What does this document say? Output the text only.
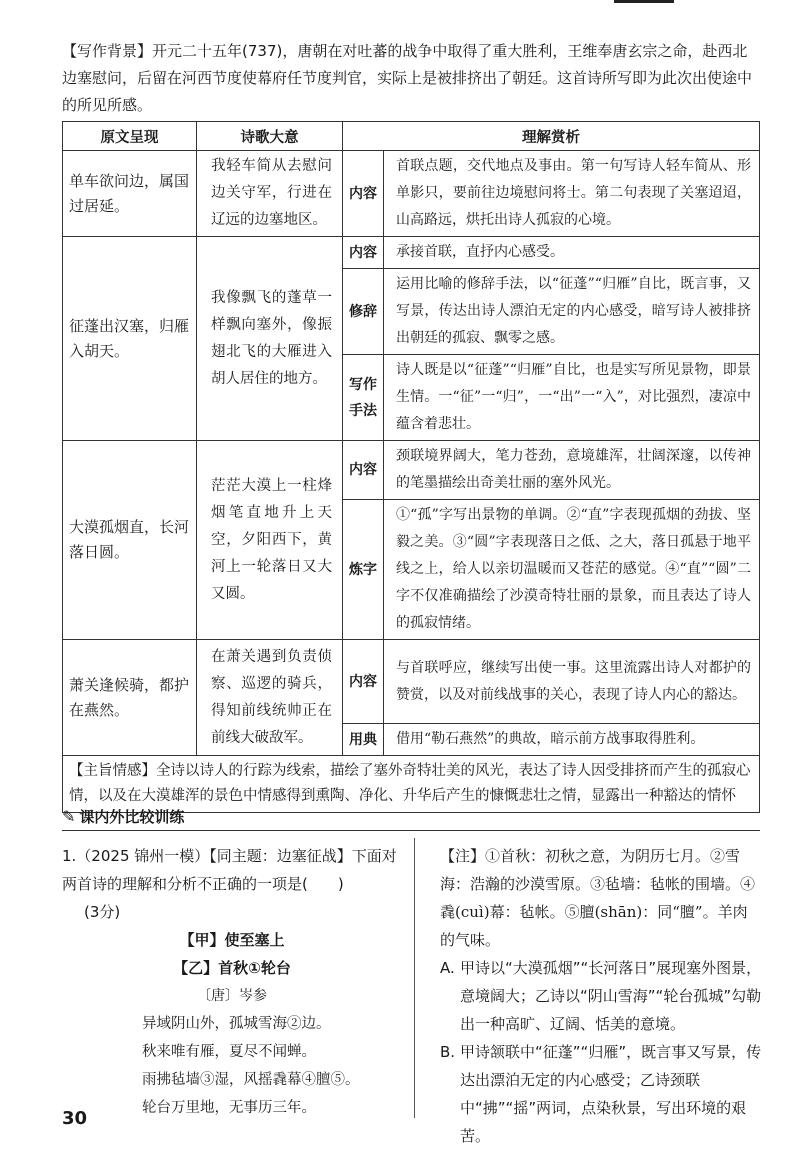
【写作背景】开元二十五年(737)，唐朝在对吐蕃的战争中取得了重大胜利，王维奉唐玄宗之命，赴西北边塞慰问，后留在河西节度使幕府任节度判官，实际上是被排挤出了朝廷。这首诗所写即为此次出使途中的所见所感。
原文呈现	诗歌大意	理解赏析	
单车欲问边，属国过居延。	我轻车简从去慰问边关守军，行进在辽远的边塞地区。	内容	首联点题，交代地点及事由。第一句写诗人轻车简从、形单影只，要前往边境慰问将士。第二句表现了关塞迢迢，山高路远，烘托出诗人孤寂的心境。
征蓬出汉塞，归雁入胡天。	我像飘飞的蓬草一样飘向塞外，像振翅北飞的大雁进入胡人居住的地方。	内容	承接首联，直抒内心感受。
		修辞	运用比喻的修辞手法，以“征蓬”“归雁”自比，既言事，又写景，传达出诗人漂泊无定的内心感受，暗写诗人被排挤出朝廷的孤寂、飘零之感。
		写作手法	诗人既是以“征蓬”“归雁”自比，也是实写所见景物，即景生情。一“征”一“归”，一“出”一“入”，对比强烈，凄凉中蕴含着悲壮。
大漠孤烟直，长河落日圆。	茫茫大漠上一柱烽烟笔直地升上天空，夕阳西下，黄河上一轮落日又大又圆。	内容	颈联境界阔大，笔力苍劲，意境雄浑，壮阔深邃，以传神的笔墨描绘出奇美壮丽的塞外风光。
		炼字	①“孤”字写出景物的单调。②“直”字表现孤烟的劲拔、坚毅之美。③“圆”字表现落日之低、之大，落日孤悬于地平线之上，给人以亲切温暖而又苍茫的感觉。④“直”“圆”二字不仅准确描绘了沙漠奇特壮丽的景象，而且表达了诗人的孤寂情绪。
萧关逢候骑，都护在燕然。	在萧关遇到负责侦察、巡逻的骑兵，得知前线统帅正在前线大破敌军。	内容	与首联呼应，继续写出使一事。这里流露出诗人对都护的赞赏，以及对前线战事的关心，表现了诗人内心的豁达。
		用典	借用“勒石燕然”的典故，暗示前方战事取得胜利。
【主旨情感】全诗以诗人的行踪为线索，描绘了塞外奇特壮美的风光，表达了诗人因受排挤而产生的孤寂心情，以及在大漠雄浑的景色中情感得到熏陶、净化、升华后产生的慷慨悲壮之情，显露出一种豁达的情怀			
✎ 课内外比较训练
1.（2025 锦州一模）【同主题：边塞征战】下面对两首诗的理解和分析不正确的一项是(　　)
(3分)
【甲】使至塞上
【乙】首秋①轮台
〔唐〕岑参
异域阴山外，孤城雪海②边。
秋来唯有雁，夏尽不闻蝉。
雨拂毡墙③湿，风摇毳幕④膻⑤。
轮台万里地，无事历三年。
【注】①首秋：初秋之意，为阴历七月。②雪海：浩瀚的沙漠雪原。③毡墙：毡帐的围墙。④毳(cuì)幕：毡帐。⑤膻(shān)：同“膻”。羊肉的气味。
A. 甲诗以“大漠孤烟”“长河落日”展现塞外图景，意境阔大；乙诗以“阴山雪海”“轮台孤城”勾勒出一种高旷、辽阔、恬美的意境。
B. 甲诗颔联中“征蓬”“归雁”，既言事又写景，传达出漂泊无定的内心感受；乙诗颈联中“拂”“摇”两词，点染秋景，写出环境的艰苦。
30
